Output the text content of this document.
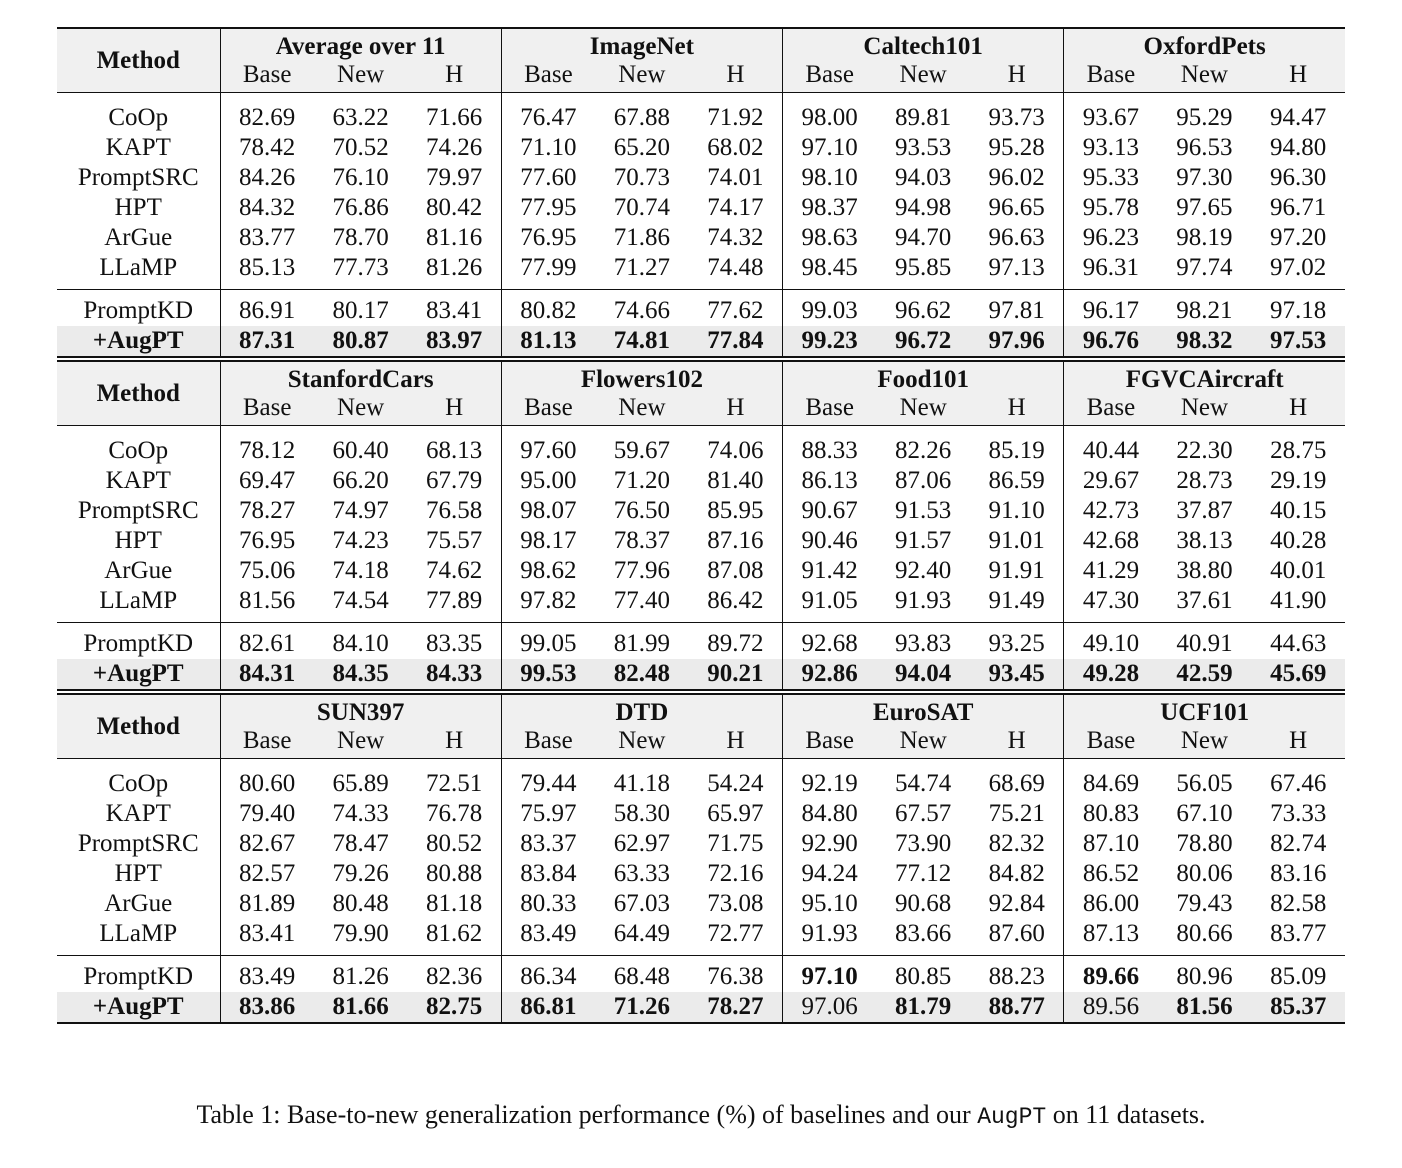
Method	Average over 11			ImageNet			Caltech101			OxfordPets		
	Base	New	H	Base	New	H	Base	New	H	Base	New	H

CoOp	82.69	63.22	71.66	76.47	67.88	71.92	98.00	89.81	93.73	93.67	95.29	94.47
KAPT	78.42	70.52	74.26	71.10	65.20	68.02	97.10	93.53	95.28	93.13	96.53	94.80
PromptSRC	84.26	76.10	79.97	77.60	70.73	74.01	98.10	94.03	96.02	95.33	97.30	96.30
HPT	84.32	76.86	80.42	77.95	70.74	74.17	98.37	94.98	96.65	95.78	97.65	96.71
ArGue	83.77	78.70	81.16	76.95	71.86	74.32	98.63	94.70	96.63	96.23	98.19	97.20
LLaMP	85.13	77.73	81.26	77.99	71.27	74.48	98.45	95.85	97.13	96.31	97.74	97.02

PromptKD	86.91	80.17	83.41	80.82	74.66	77.62	99.03	96.62	97.81	96.17	98.21	97.18
+AugPT	87.31	80.87	83.97	81.13	74.81	77.84	99.23	96.72	97.96	96.76	98.32	97.53
Method	StanfordCars			Flowers102			Food101			FGVCAircraft		
	Base	New	H	Base	New	H	Base	New	H	Base	New	H

CoOp	78.12	60.40	68.13	97.60	59.67	74.06	88.33	82.26	85.19	40.44	22.30	28.75
KAPT	69.47	66.20	67.79	95.00	71.20	81.40	86.13	87.06	86.59	29.67	28.73	29.19
PromptSRC	78.27	74.97	76.58	98.07	76.50	85.95	90.67	91.53	91.10	42.73	37.87	40.15
HPT	76.95	74.23	75.57	98.17	78.37	87.16	90.46	91.57	91.01	42.68	38.13	40.28
ArGue	75.06	74.18	74.62	98.62	77.96	87.08	91.42	92.40	91.91	41.29	38.80	40.01
LLaMP	81.56	74.54	77.89	97.82	77.40	86.42	91.05	91.93	91.49	47.30	37.61	41.90

PromptKD	82.61	84.10	83.35	99.05	81.99	89.72	92.68	93.83	93.25	49.10	40.91	44.63
+AugPT	84.31	84.35	84.33	99.53	82.48	90.21	92.86	94.04	93.45	49.28	42.59	45.69
Method	SUN397			DTD			EuroSAT			UCF101		
	Base	New	H	Base	New	H	Base	New	H	Base	New	H

CoOp	80.60	65.89	72.51	79.44	41.18	54.24	92.19	54.74	68.69	84.69	56.05	67.46
KAPT	79.40	74.33	76.78	75.97	58.30	65.97	84.80	67.57	75.21	80.83	67.10	73.33
PromptSRC	82.67	78.47	80.52	83.37	62.97	71.75	92.90	73.90	82.32	87.10	78.80	82.74
HPT	82.57	79.26	80.88	83.84	63.33	72.16	94.24	77.12	84.82	86.52	80.06	83.16
ArGue	81.89	80.48	81.18	80.33	67.03	73.08	95.10	90.68	92.84	86.00	79.43	82.58
LLaMP	83.41	79.90	81.62	83.49	64.49	72.77	91.93	83.66	87.60	87.13	80.66	83.77

PromptKD	83.49	81.26	82.36	86.34	68.48	76.38	97.10	80.85	88.23	89.66	80.96	85.09
+AugPT	83.86	81.66	82.75	86.81	71.26	78.27	97.06	81.79	88.77	89.56	81.56	85.37
Table 1: Base-to-new generalization performance (%) of baselines and our AugPT on 11 datasets.
